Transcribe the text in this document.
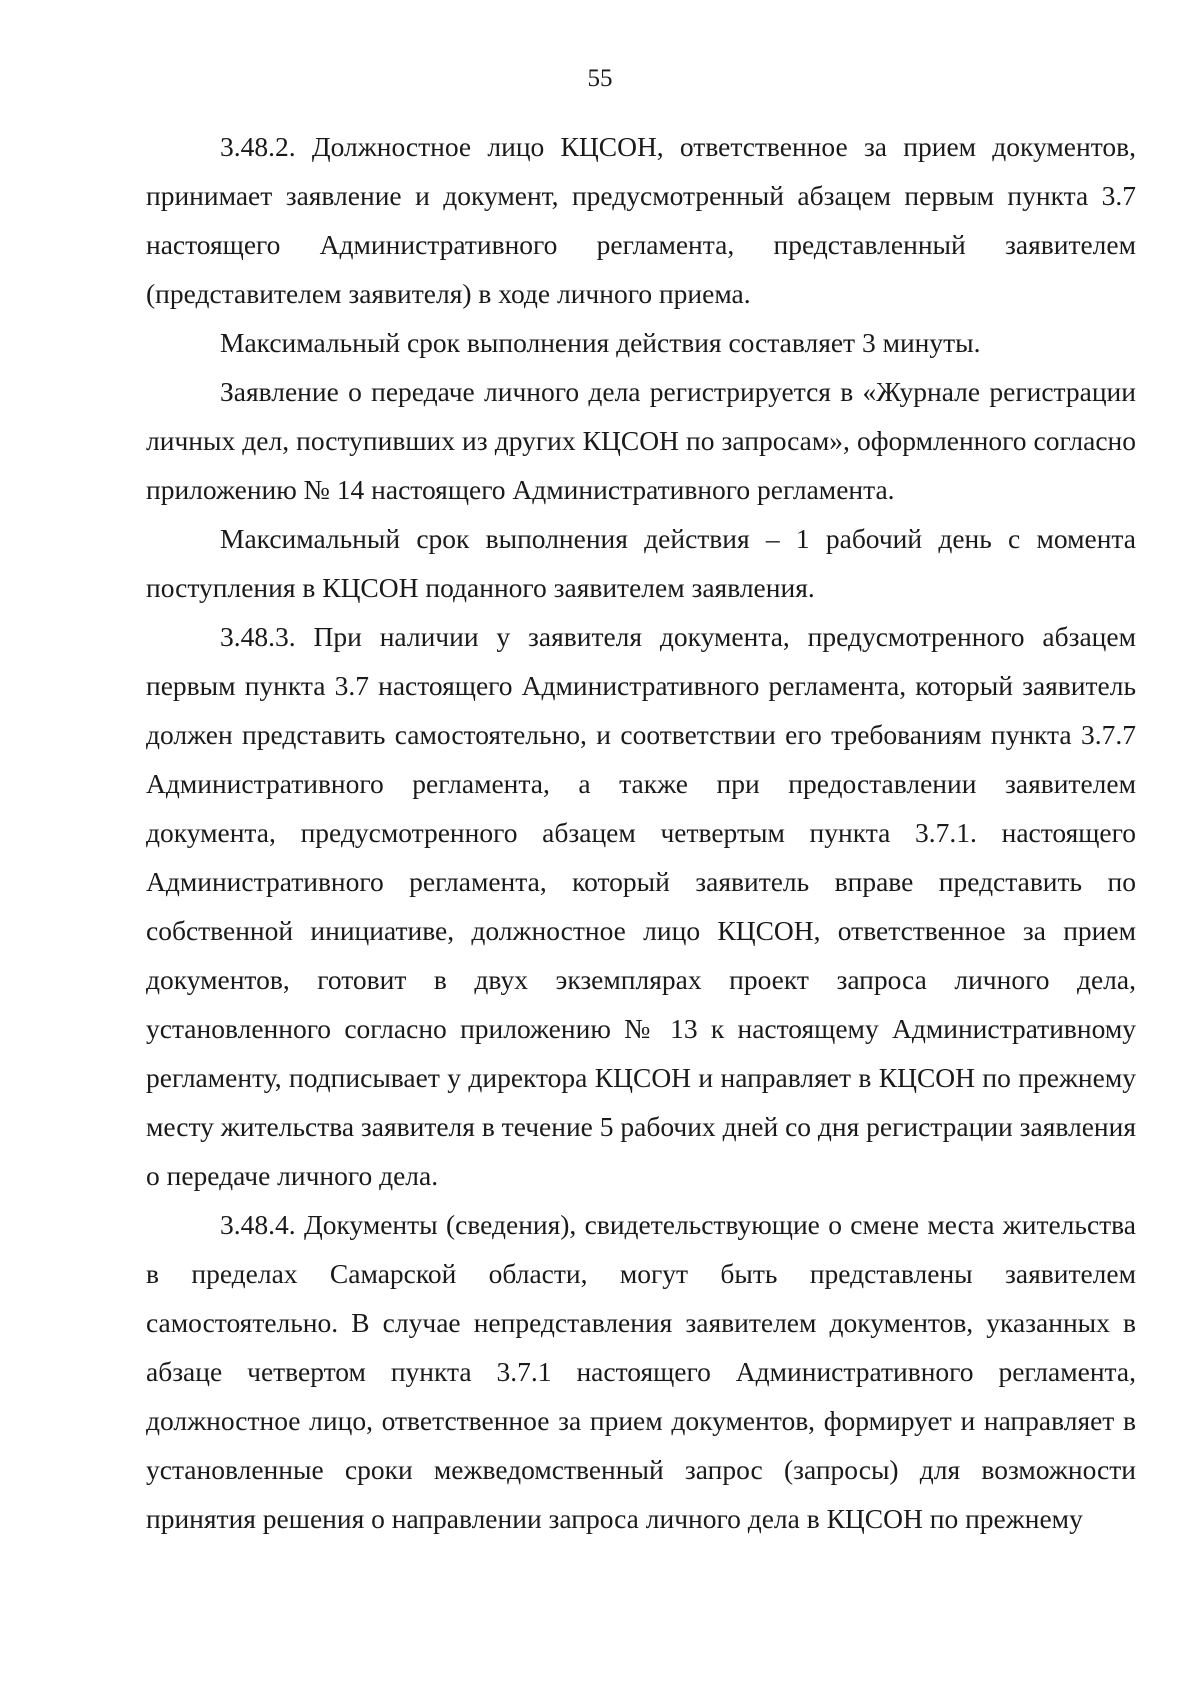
55

3.48.2. Должностное лицо КЦСОН, ответственное за прием документов, принимает заявление и документ, предусмотренный абзацем первым пункта 3.7 настоящего Административного регламента, представленный заявителем (представителем заявителя) в ходе личного приема.

Максимальный срок выполнения действия составляет 3 минуты.

Заявление о передаче личного дела регистрируется в «Журнале регистрации личных дел, поступивших из других КЦСОН по запросам», оформленного согласно приложению № 14 настоящего Административного регламента.

Максимальный срок выполнения действия – 1 рабочий день с момента поступления в КЦСОН поданного заявителем заявления.

3.48.3. При наличии у заявителя документа, предусмотренного абзацем первым пункта 3.7 настоящего Административного регламента, который заявитель должен представить самостоятельно, и соответствии его требованиям пункта 3.7.7 Административного регламента, а также при предоставлении заявителем документа, предусмотренного абзацем четвертым пункта 3.7.1. настоящего Административного регламента, который заявитель вправе представить по собственной инициативе, должностное лицо КЦСОН, ответственное за прием документов, готовит в двух экземплярах проект запроса личного дела, установленного согласно приложению № 13 к настоящему Административному регламенту, подписывает у директора КЦСОН и направляет в КЦСОН по прежнему месту жительства заявителя в течение 5 рабочих дней со дня регистрации заявления о передаче личного дела.

3.48.4. Документы (сведения), свидетельствующие о смене места жительства в пределах Самарской области, могут быть представлены заявителем самостоятельно. В случае непредставления заявителем документов, указанных в абзаце четвертом пункта 3.7.1 настоящего Административного регламента, должностное лицо, ответственное за прием документов, формирует и направляет в установленные сроки межведомственный запрос (запросы) для возможности принятия решения о направлении запроса личного дела в КЦСОН по прежнему
